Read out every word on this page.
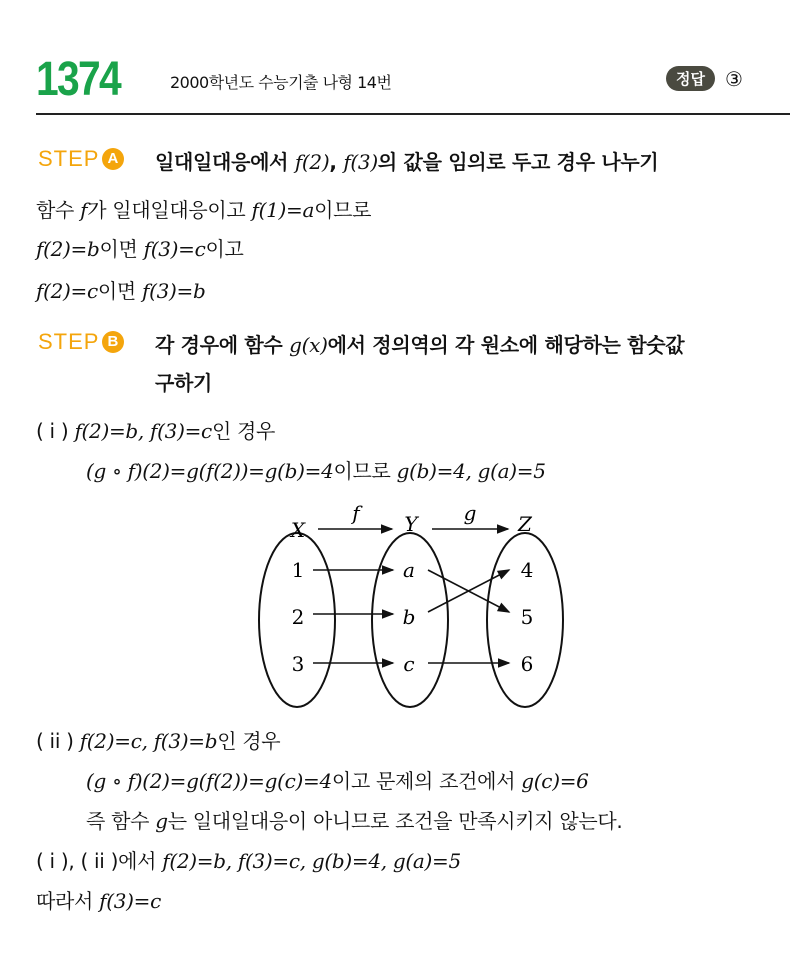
1374	2000학년도 수능기출 나형 14번	정답	③
STEP A 일대일대응에서 f(2), f(3)의 값을 임의로 두고 경우 나누기
함수 f가 일대일대응이고 f(1)=a이므로
f(2)=b이면 f(3)=c이고
f(2)=c이면 f(3)=b
STEP B 각 경우에 함수 g(x)에서 정의역의 각 원소에 해당하는 함숫값
구하기
( i ) f(2)=b, f(3)=c인 경우
(g ∘ f)(2)=g(f(2))=g(b)=4이므로 g(b)=4, g(a)=5
X	Y	Z
f	g
1
2
3
a
b
c
4
5
6
( ii ) f(2)=c, f(3)=b인 경우
(g ∘ f)(2)=g(f(2))=g(c)=4이고 문제의 조건에서 g(c)=6
즉 함수 g는 일대일대응이 아니므로 조건을 만족시키지 않는다.
( i ), ( ii )에서 f(2)=b, f(3)=c, g(b)=4, g(a)=5
따라서 f(3)=c
